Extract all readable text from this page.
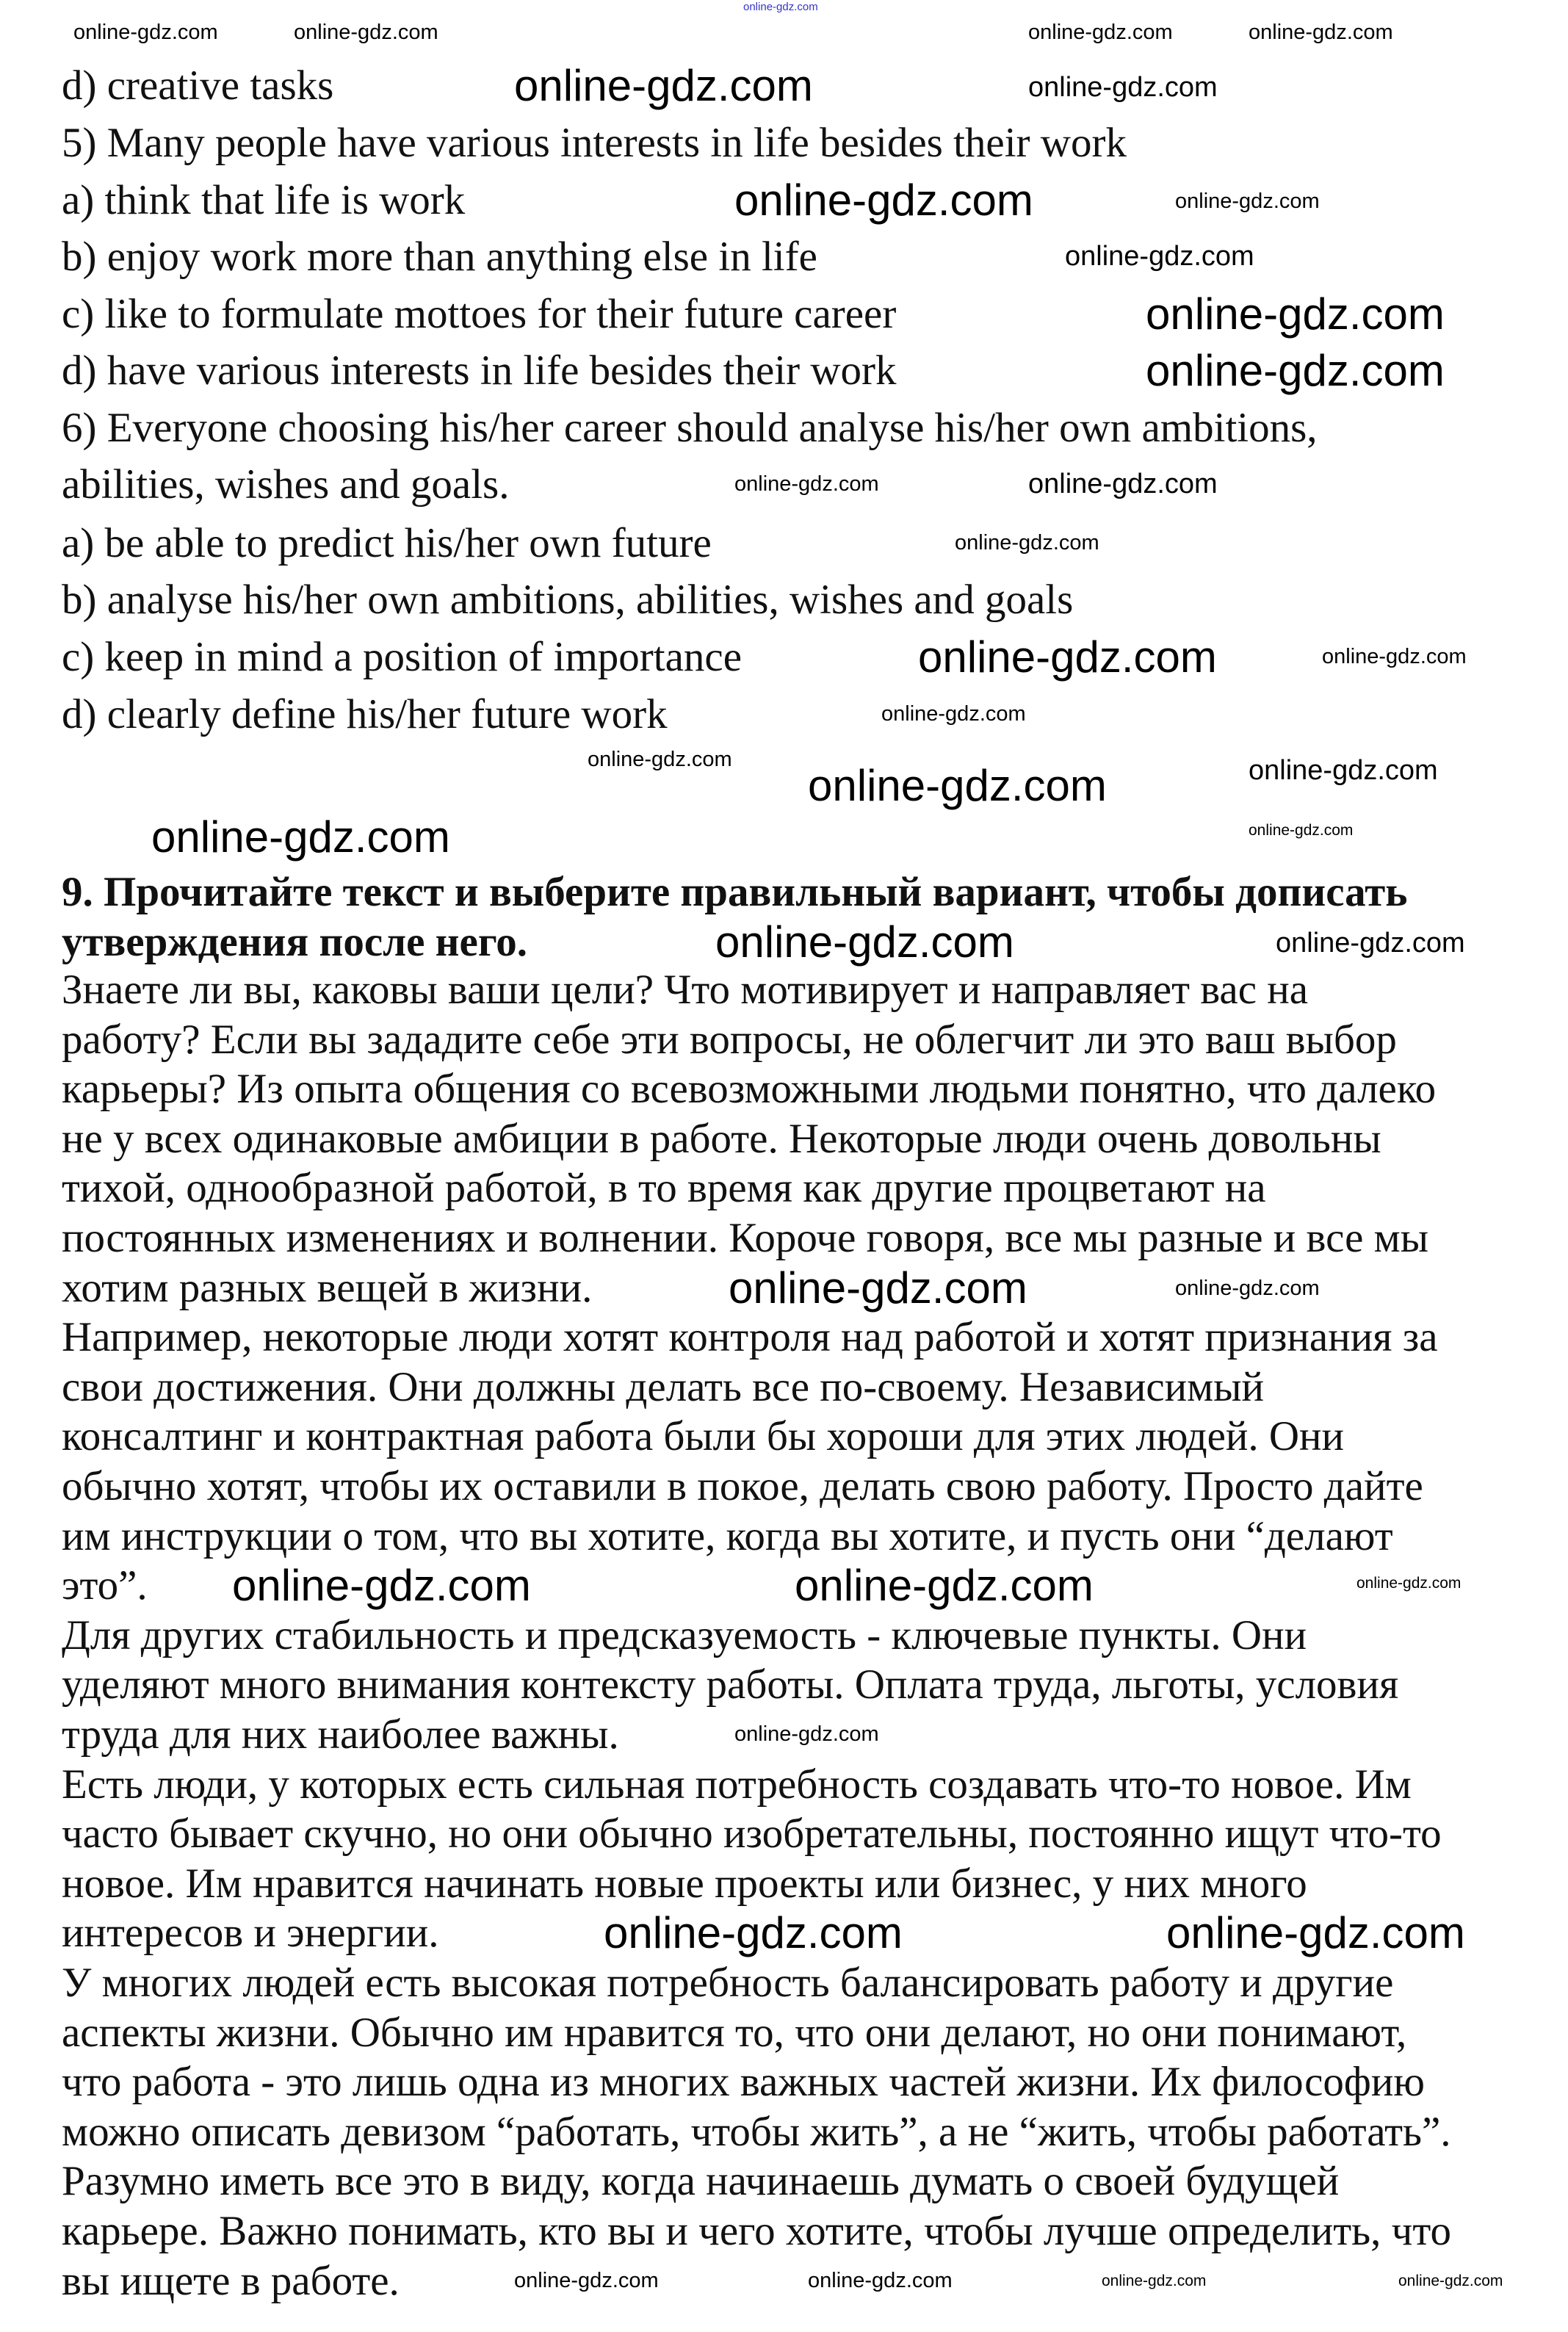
online-gdz.com
d) creative tasks
5) Many people have various interests in life besides their work
a) think that life is work
b) enjoy work more than anything else in life
c) like to formulate mottoes for their future career
d) have various interests in life besides their work
6) Everyone choosing his/her career should analyse his/her own ambitions,
abilities, wishes and goals.
a) be able to predict his/her own future
b) analyse his/her own ambitions, abilities, wishes and goals
c) keep in mind a position of importance
d) clearly define his/her future work
9. Прочитайте текст и выберите правильный вариант, чтобы дописать
утверждения после него.
Знаете ли вы, каковы ваши цели? Что мотивирует и направляет вас на
работу? Если вы зададите себе эти вопросы, не облегчит ли это ваш выбор
карьеры? Из опыта общения со всевозможными людьми понятно, что далеко
не у всех одинаковые амбиции в работе. Некоторые люди очень довольны
тихой, однообразной работой, в то время как другие процветают на
постоянных изменениях и волнении. Короче говоря, все мы разные и все мы
хотим разных вещей в жизни.
Например, некоторые люди хотят контроля над работой и хотят признания за
свои достижения. Они должны делать все по-своему. Независимый
консалтинг и контрактная работа были бы хороши для этих людей. Они
обычно хотят, чтобы их оставили в покое, делать свою работу. Просто дайте
им инструкции о том, что вы хотите, когда вы хотите, и пусть они “делают
это”.
Для других стабильность и предсказуемость - ключевые пункты. Они
уделяют много внимания контексту работы. Оплата труда, льготы, условия
труда для них наиболее важны.
Есть люди, у которых есть сильная потребность создавать что-то новое. Им
часто бывает скучно, но они обычно изобретательны, постоянно ищут что-то
новое. Им нравится начинать новые проекты или бизнес, у них много
интересов и энергии.
У многих людей есть высокая потребность балансировать работу и другие
аспекты жизни. Обычно им нравится то, что они делают, но они понимают,
что работа - это лишь одна из многих важных частей жизни. Их философию
можно описать девизом “работать, чтобы жить”, а не “жить, чтобы работать”.
Разумно иметь все это в виду, когда начинаешь думать о своей будущей
карьере. Важно понимать, кто вы и чего хотите, чтобы лучше определить, что
вы ищете в работе.
online-gdz.com	online-gdz.com	online-gdz.com	online-gdz.com
online-gdz.com	online-gdz.com
online-gdz.com	online-gdz.com
online-gdz.com
online-gdz.com
online-gdz.com
online-gdz.com	online-gdz.com
online-gdz.com
online-gdz.com	online-gdz.com
online-gdz.com
online-gdz.com
online-gdz.com	online-gdz.com
online-gdz.com	online-gdz.com
online-gdz.com	online-gdz.com
online-gdz.com	online-gdz.com
online-gdz.com	online-gdz.com	online-gdz.com
online-gdz.com
online-gdz.com	online-gdz.com
online-gdz.com	online-gdz.com	online-gdz.com	online-gdz.com
